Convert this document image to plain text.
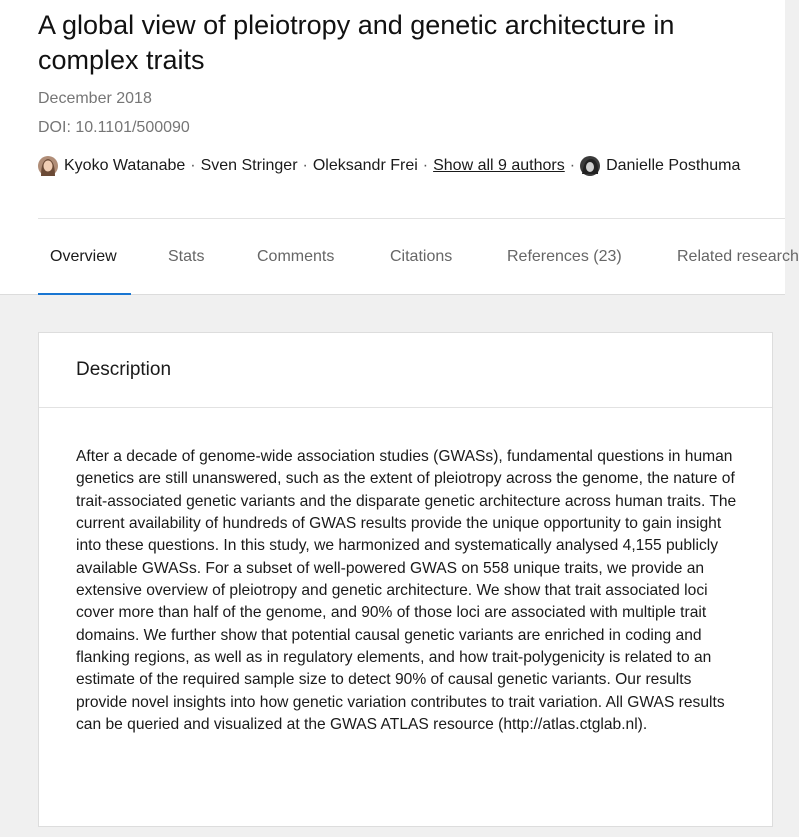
A global view of pleiotropy and genetic architecture in complex traits
December 2018
DOI: 10.1101/500090
Kyoko Watanabe · Sven Stringer · Oleksandr Frei · Show all 9 authors · Danielle Posthuma
Overview	Stats	Comments	Citations	References (23)	Related research
Description
After a decade of genome-wide association studies (GWASs), fundamental questions in human genetics are still unanswered, such as the extent of pleiotropy across the genome, the nature of trait-associated genetic variants and the disparate genetic architecture across human traits. The current availability of hundreds of GWAS results provide the unique opportunity to gain insight into these questions. In this study, we harmonized and systematically analysed 4,155 publicly available GWASs. For a subset of well-powered GWAS on 558 unique traits, we provide an extensive overview of pleiotropy and genetic architecture. We show that trait associated loci cover more than half of the genome, and 90% of those loci are associated with multiple trait domains. We further show that potential causal genetic variants are enriched in coding and flanking regions, as well as in regulatory elements, and how trait-polygenicity is related to an estimate of the required sample size to detect 90% of causal genetic variants. Our results provide novel insights into how genetic variation contributes to trait variation. All GWAS results can be queried and visualized at the GWAS ATLAS resource (http://atlas.ctglab.nl).
